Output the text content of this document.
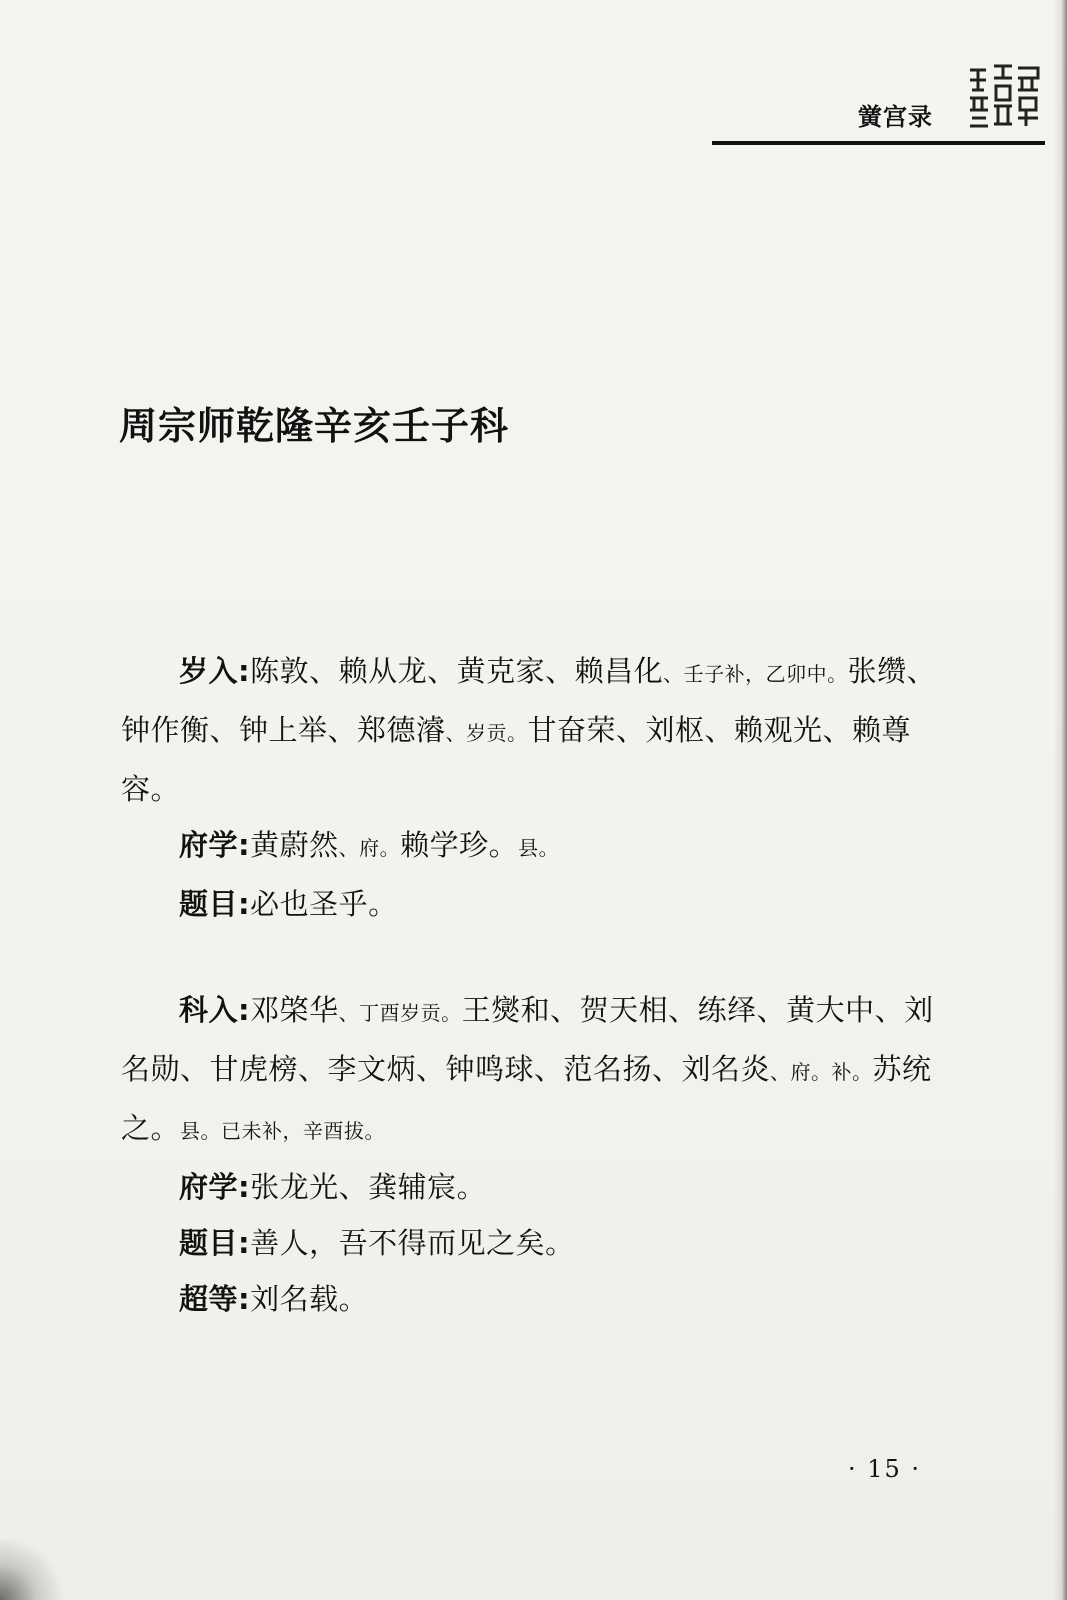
黉宫录
周宗师乾隆辛亥壬子科

岁入:陈敦、赖从龙、黄克家、赖昌化、壬子补，乙卯中。张缵、钟作衡、钟上举、郑德濬、岁贡。甘奋荣、刘枢、赖观光、赖尊容。

府学:黄蔚然、府。赖学珍。县。

题目:必也圣乎。

科入:邓棨华、丁酉岁贡。王爕和、贺天相、练绎、黄大中、刘名勋、甘虎榜、李文炳、钟鸣球、范名扬、刘名炎、府。补。苏统之。县。已未补，辛酉拔。

府学:张龙光、龚辅宸。

题目:善人，吾不得而见之矣。

超等:刘名载。

· 15 ·
